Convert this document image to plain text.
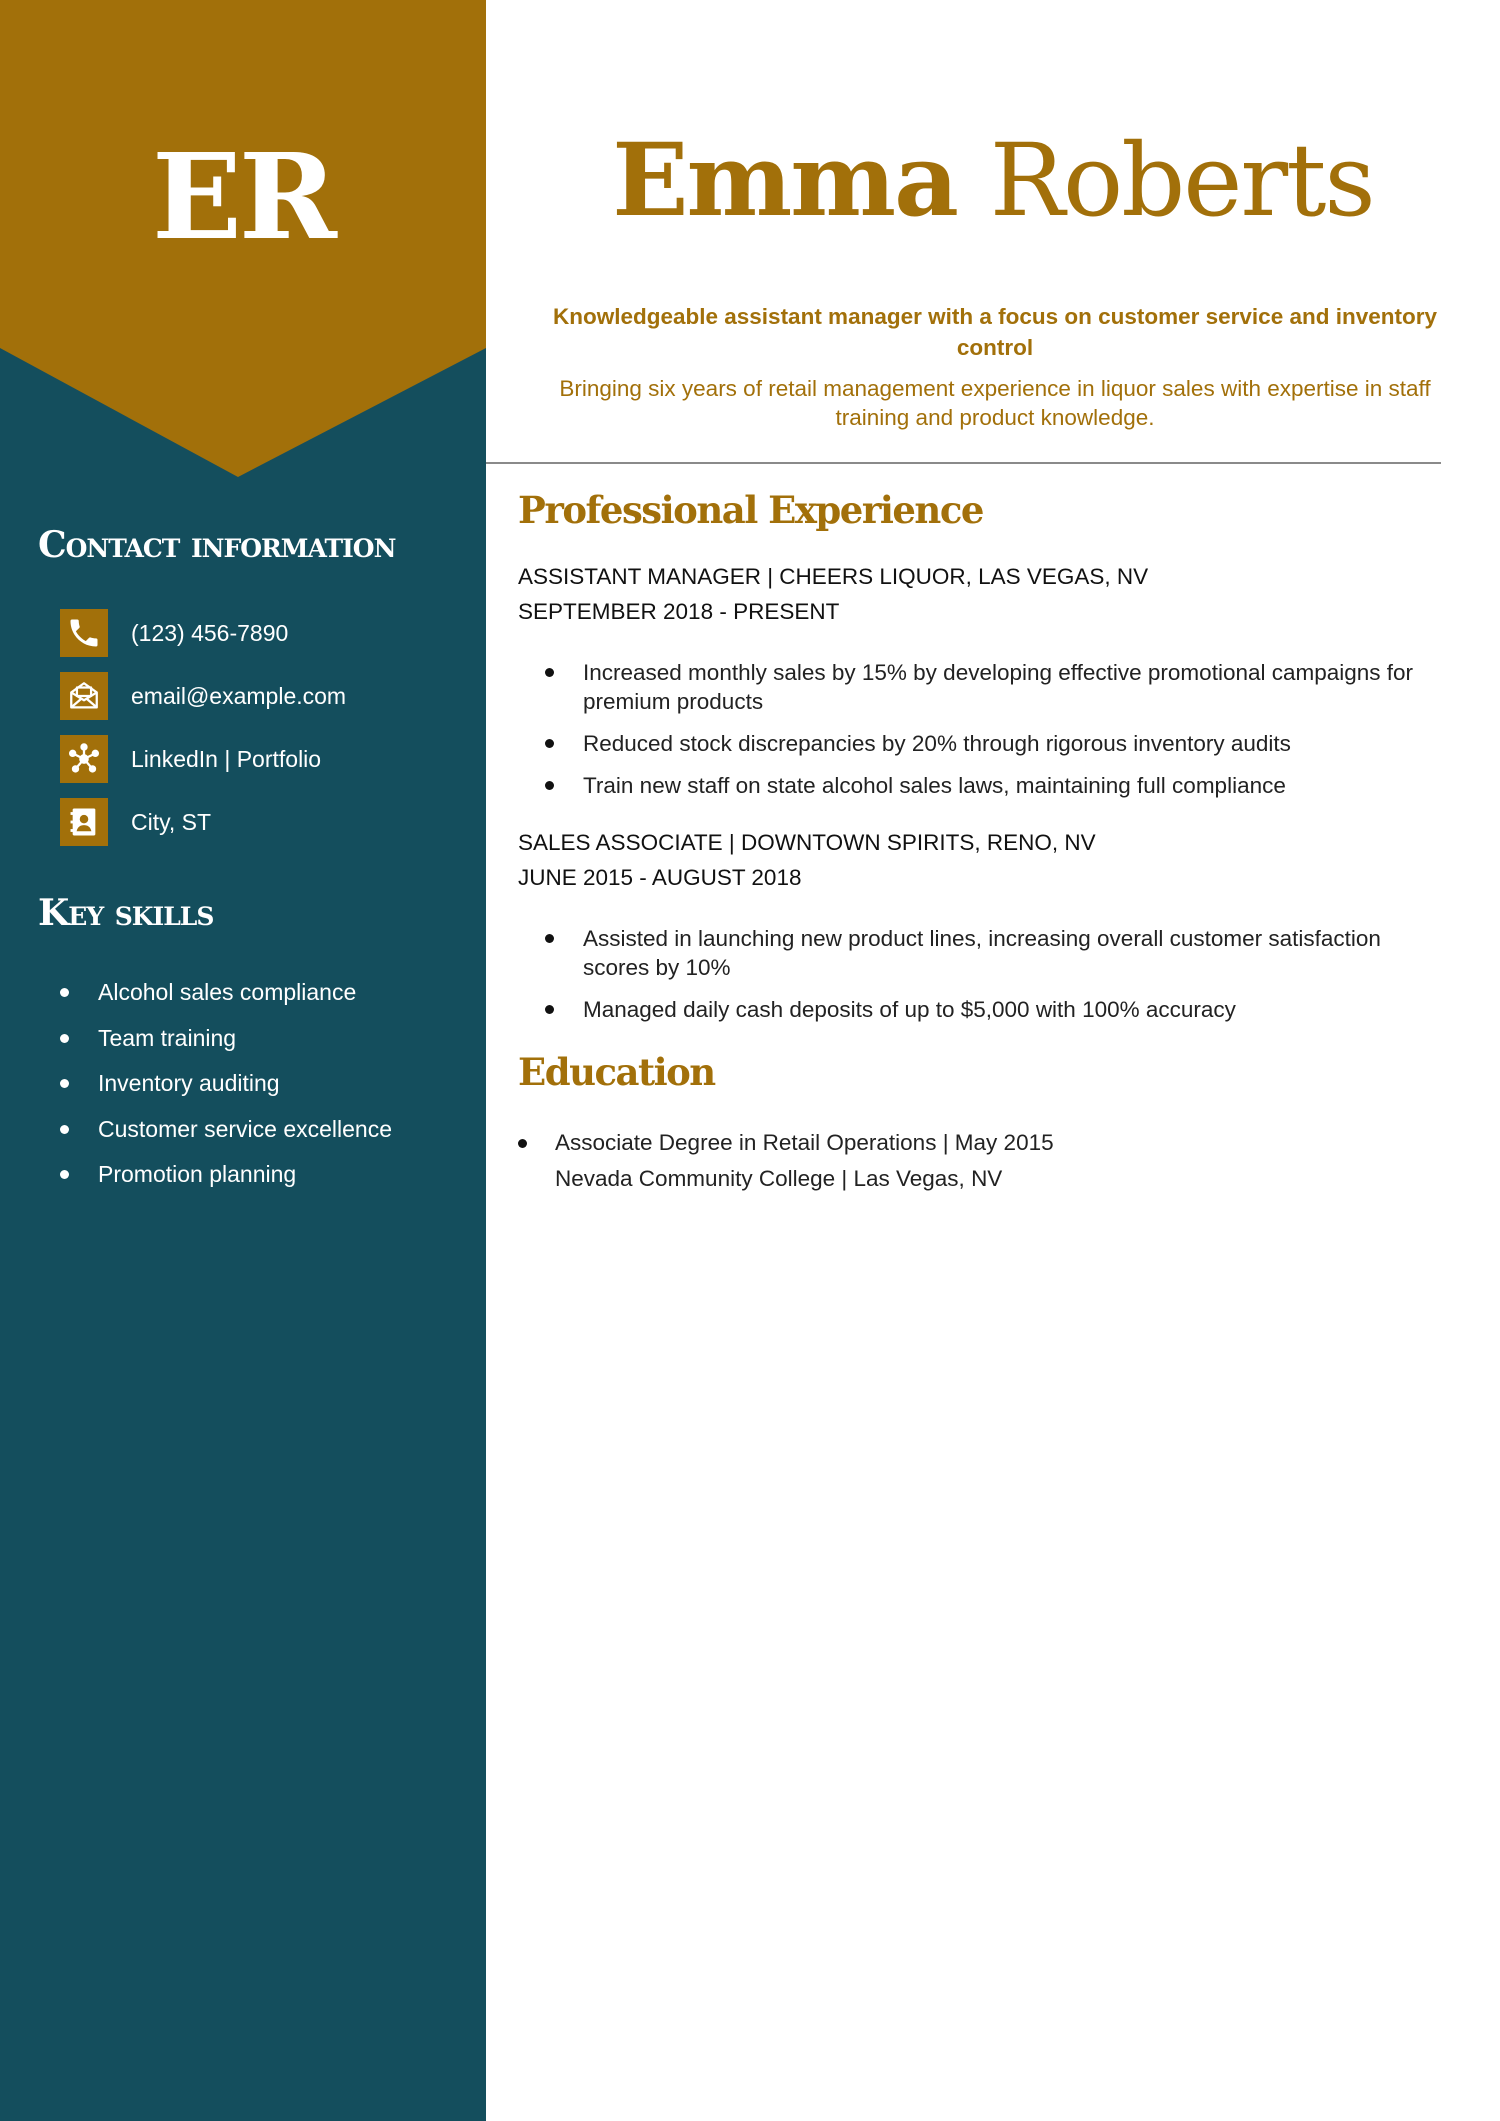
ER
Contact information
(123) 456-7890
email@example.com
LinkedIn | Portfolio
City, ST
Key skills
Alcohol sales compliance
Team training
Inventory auditing
Customer service excellence
Promotion planning
Emma Roberts

Knowledgeable assistant manager with a focus on customer service and inventory control

Bringing six years of retail management experience in liquor sales with expertise in staff training and product knowledge.

Professional Experience
ASSISTANT MANAGER | CHEERS LIQUOR, LAS VEGAS, NV
SEPTEMBER 2018 - PRESENT
Increased monthly sales by 15% by developing effective promotional campaigns for premium products
Reduced stock discrepancies by 20% through rigorous inventory audits
Train new staff on state alcohol sales laws, maintaining full compliance
SALES ASSOCIATE | DOWNTOWN SPIRITS, RENO, NV
JUNE 2015 - AUGUST 2018
Assisted in launching new product lines, increasing overall customer satisfaction scores by 10%
Managed daily cash deposits of up to $5,000 with 100% accuracy
Education
Associate Degree in Retail Operations | May 2015
Nevada Community College | Las Vegas, NV
